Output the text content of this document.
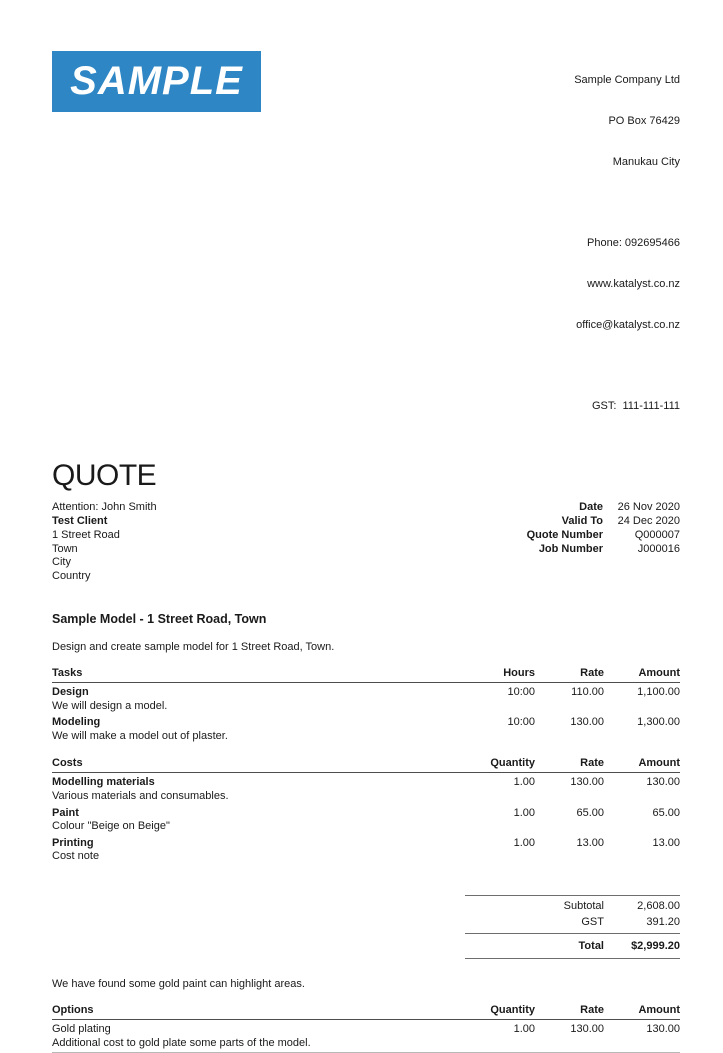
SAMPLE

	Sample Company Ltd

PO Box 76429

Manukau City

Phone: 092695466

www.katalyst.co.nz

office@katalyst.co.nz

GST:  111-111-111

QUOTE
Attention: John Smith
Test Client
1 Street Road
Town
City
Country
Date	26 Nov 2020
Valid To	24 Dec 2020
Quote Number	Q000007
Job Number	J000016
Sample Model - 1 Street Road, Town
Design and create sample model for 1 Street Road, Town.
Tasks	Hours	Rate	Amount
Design	10:00	110.00	1,100.00
We will design a model.			
Modeling	10:00	130.00	1,300.00
We will make a model out of plaster.			
Costs	Quantity	Rate	Amount
Modelling materials	1.00	130.00	130.00
Various materials and consumables.			
Paint	1.00	65.00	65.00
Colour "Beige on Beige"			
Printing	1.00	13.00	13.00
Cost note			
Subtotal	2,608.00
GST	391.20
Total	$2,999.20
We have found some gold paint can highlight areas.
Options	Quantity	Rate	Amount
Gold plating	1.00	130.00	130.00
Additional cost to gold plate some parts of the model.			
